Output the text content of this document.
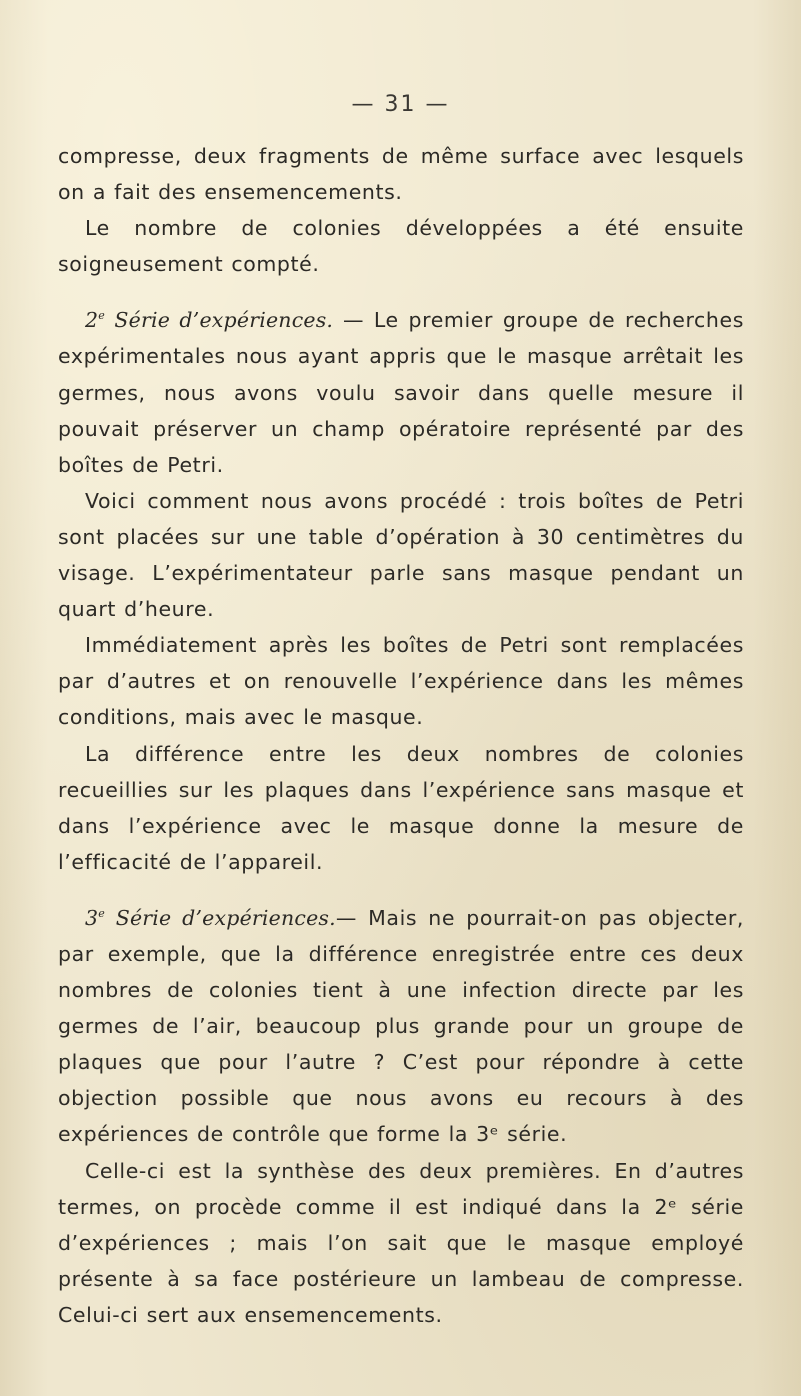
— 31 —

compresse, deux fragments de même surface avec lesquels on a fait des ensemencements.

Le nombre de colonies développées a été ensuite soigneusement compté.

2e Série d’expériences. — Le premier groupe de recherches expérimentales nous ayant appris que le masque arrêtait les germes, nous avons voulu savoir dans quelle mesure il pouvait préserver un champ opératoire représenté par des boîtes de Petri.

Voici comment nous avons procédé : trois boîtes de Petri sont placées sur une table d’opération à 30 centimètres du visage. L’expérimentateur parle sans masque pendant un quart d’heure.

Immédiatement après les boîtes de Petri sont remplacées par d’autres et on renouvelle l’expérience dans les mêmes conditions, mais avec le masque.

La différence entre les deux nombres de colonies recueillies sur les plaques dans l’expérience sans masque et dans l’expérience avec le masque donne la mesure de l’efficacité de l’appareil.

3e Série d’expériences.— Mais ne pourrait-on pas objecter, par exemple, que la différence enregistrée entre ces deux nombres de colonies tient à une infection directe par les germes de l’air, beaucoup plus grande pour un groupe de plaques que pour l’autre ? C’est pour répondre à cette objection possible que nous avons eu recours à des expériences de contrôle que forme la 3ᵉ série.

Celle-ci est la synthèse des deux premières. En d’autres termes, on procède comme il est indiqué dans la 2ᵉ série d’expériences ; mais l’on sait que le masque employé présente à sa face postérieure un lambeau de compresse. Celui-ci sert aux ensemencements.
